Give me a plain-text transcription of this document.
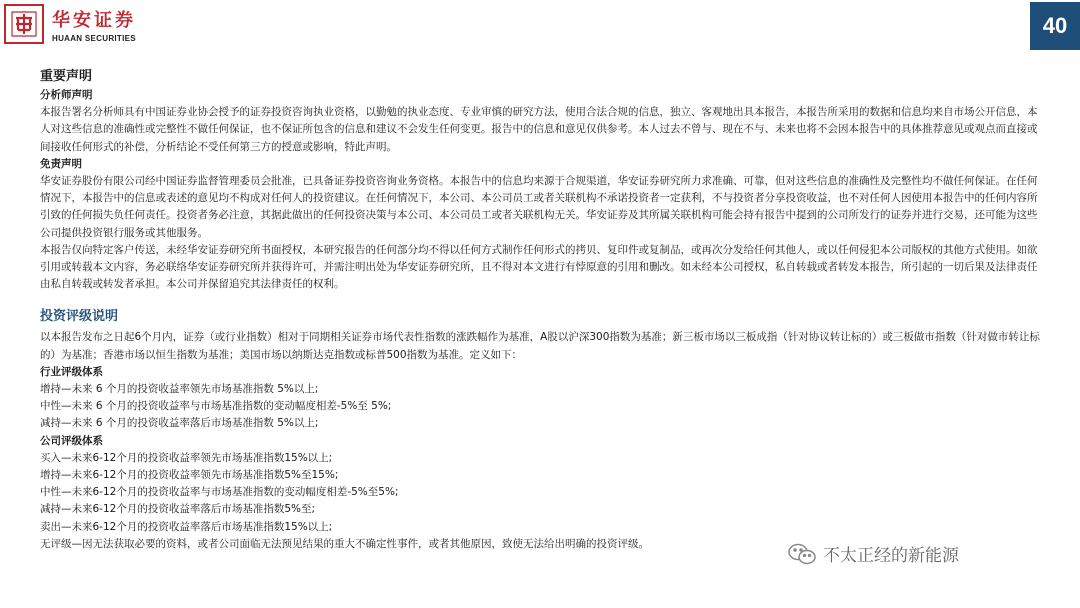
华安证券
HUAAN SECURITIES
40

重要声明

分析师声明

本报告署名分析师具有中国证券业协会授予的证券投资咨询执业资格，以勤勉的执业态度、专业审慎的研究方法，使用合法合规的信息，独立、客观地出具本报告，本报告所采用的数据和信息均来自市场公开信息，本人对这些信息的准确性或完整性不做任何保证，也不保证所包含的信息和建议不会发生任何变更。报告中的信息和意见仅供参考。本人过去不曾与、现在不与、未来也将不会因本报告中的具体推荐意见或观点而直接或间接收任何形式的补偿，分析结论不受任何第三方的授意或影响，特此声明。

免责声明

华安证券股份有限公司经中国证券监督管理委员会批准，已具备证券投资咨询业务资格。本报告中的信息均来源于合规渠道，华安证券研究所力求准确、可靠，但对这些信息的准确性及完整性均不做任何保证。在任何情况下，本报告中的信息或表述的意见均不构成对任何人的投资建议。在任何情况下，本公司、本公司员工或者关联机构不承诺投资者一定获利，不与投资者分享投资收益，也不对任何人因使用本报告中的任何内容所引致的任何损失负任何责任。投资者务必注意，其据此做出的任何投资决策与本公司、本公司员工或者关联机构无关。华安证券及其所属关联机构可能会持有报告中提到的公司所发行的证券并进行交易，还可能为这些公司提供投资银行服务或其他服务。

本报告仅向特定客户传送，未经华安证券研究所书面授权，本研究报告的任何部分均不得以任何方式制作任何形式的拷贝、复印件或复制品，或再次分发给任何其他人，或以任何侵犯本公司版权的其他方式使用。如欲引用或转载本文内容，务必联络华安证券研究所并获得许可，并需注明出处为华安证券研究所，且不得对本文进行有悖原意的引用和删改。如未经本公司授权，私自转载或者转发本报告，所引起的一切后果及法律责任由私自转载或转发者承担。本公司并保留追究其法律责任的权利。

投资评级说明

以本报告发布之日起6个月内，证券（或行业指数）相对于同期相关证券市场代表性指数的涨跌幅作为基准，A股以沪深300指数为基准；新三板市场以三板成指（针对协议转让标的）或三板做市指数（针对做市转让标的）为基准；香港市场以恒生指数为基准；美国市场以纳斯达克指数或标普500指数为基准。定义如下：

行业评级体系

增持—未来 6 个月的投资收益率领先市场基准指数 5%以上;

中性—未来 6 个月的投资收益率与市场基准指数的变动幅度相差-5%至 5%;

减持—未来 6 个月的投资收益率落后市场基准指数 5%以上;

公司评级体系

买入—未来6-12个月的投资收益率领先市场基准指数15%以上;

增持—未来6-12个月的投资收益率领先市场基准指数5%至15%;

中性—未来6-12个月的投资收益率与市场基准指数的变动幅度相差-5%至5%;

减持—未来6-12个月的投资收益率落后市场基准指数5%至;

卖出—未来6-12个月的投资收益率落后市场基准指数15%以上;

无评级—因无法获取必要的资料，或者公司面临无法预见结果的重大不确定性事件，或者其他原因，致使无法给出明确的投资评级。

不太正经的新能源
